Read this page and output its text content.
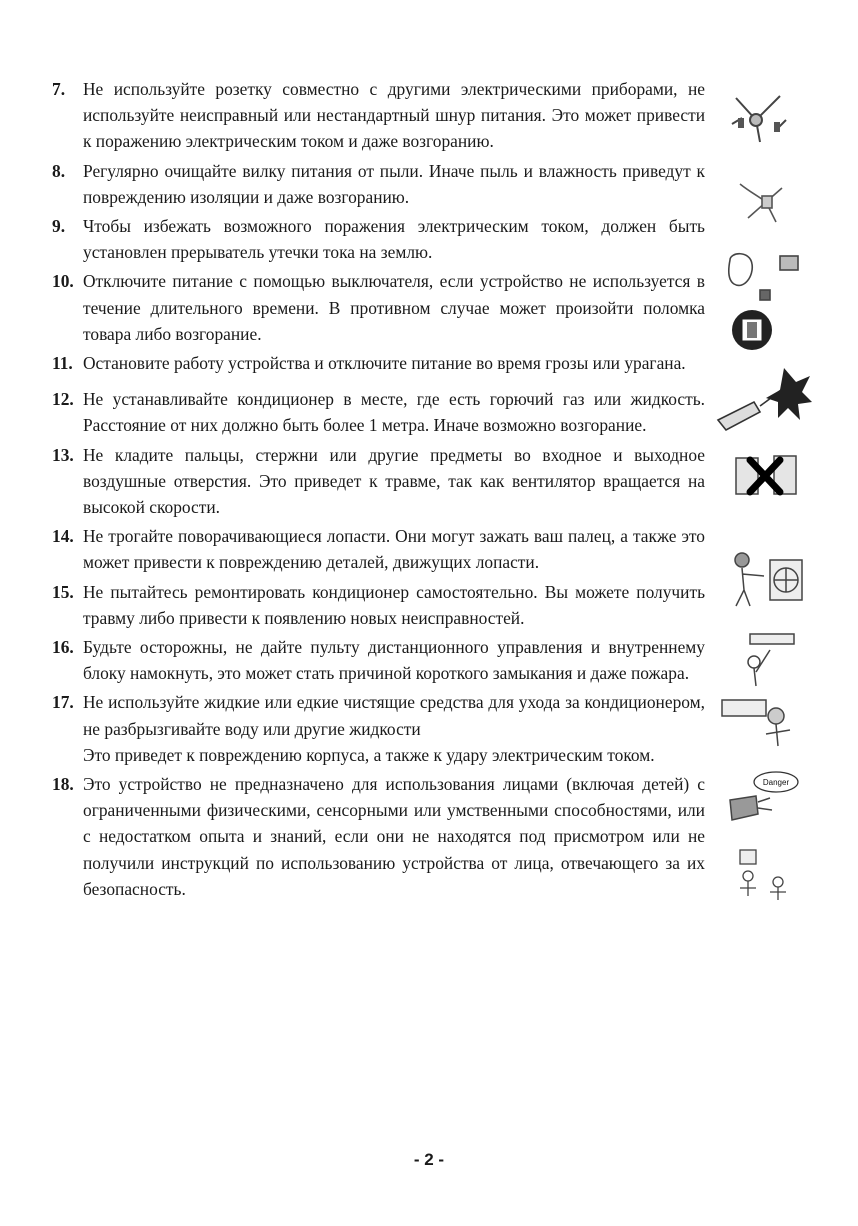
7. Не используйте розетку совместно с другими электрическими приборами, не используйте неисправный или нестандартный шнур питания. Это может привести к поражению электрическим током и даже возгоранию.

8. Регулярно очищайте вилку питания от пыли. Иначе пыль и влажность приведут к повреждению изоляции и даже возгоранию.

9. Чтобы избежать возможного поражения электрическим током, должен быть установлен прерыватель утечки тока на землю.

10. Отключите питание с помощью выключателя, если устройство не используется в течение длительного времени. В противном случае может произойти поломка товара либо возгорание.

11. Остановите работу устройства и отключите питание во время грозы или урагана.

12. Не устанавливайте кондиционер в месте, где есть горючий газ или жидкость. Расстояние от них должно быть более 1 метра. Иначе возможно возгорание.

13. Не кладите пальцы, стержни или другие предметы во входное и выходное воздушные отверстия. Это приведет к травме, так как вентилятор вращается на высокой скорости.

14. Не трогайте поворачивающиеся лопасти. Они могут зажать ваш палец, а также это может привести к повреждению деталей, движущих лопасти.

15. Не пытайтесь ремонтировать кондиционер самостоятельно. Вы можете получить травму либо привести к появлению новых неисправностей.

16. Будьте осторожны, не дайте пульту дистанционного управления и внутреннему блоку намокнуть, это может стать причиной короткого замыкания и даже пожара.

17. Не используйте жидкие или едкие чистящие средства для ухода за кондиционером, не разбрызгивайте воду или другие жидкости

Это приведет к повреждению корпуса, а также к удару электрическим током.

18. Это устройство не предназначено для использования лицами (включая детей) с ограниченными физическими, сенсорными или умственными способностями, или с недостатком опыта и знаний, если они не находятся под присмотром или не получили инструкций по использованию устройства от лица, отвечающего за их безопасность.

Danger
- 2 -
